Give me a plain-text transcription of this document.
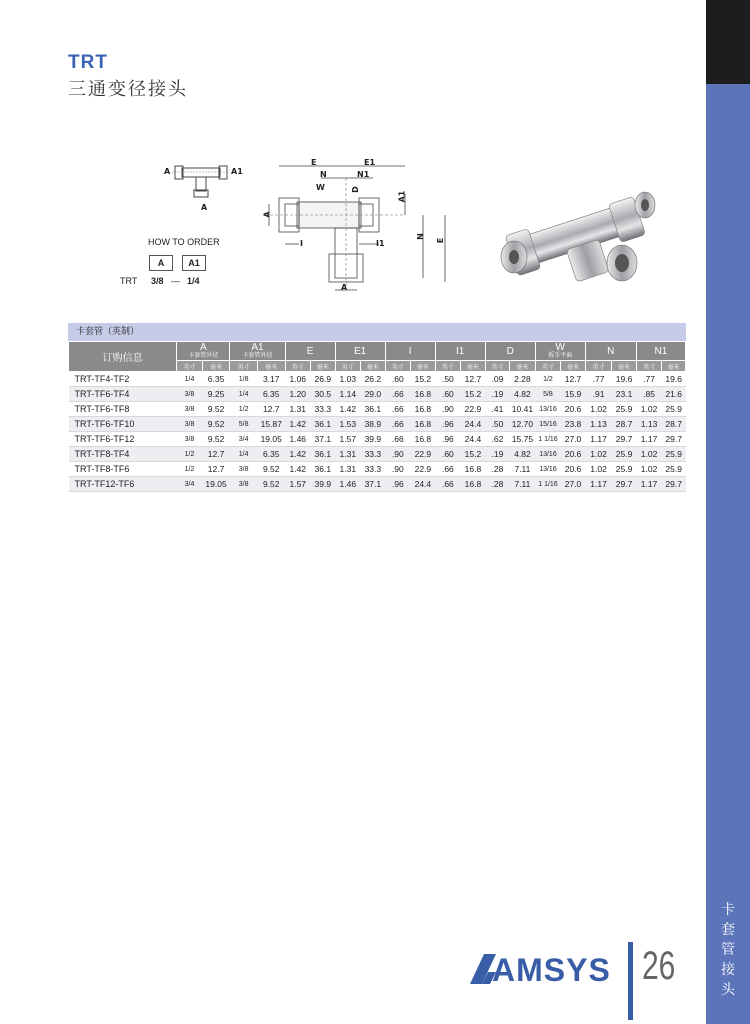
卡
套
管
接
头
TRT
三通变径接头
A	A1
A
HOW TO ORDER
A	A1
TRT 3/8 — 1/4
E	E1
N	N1
W	D
A1
A
I	I1
N
E
A
卡套管（英制）
订购信息	A
卡套管外径		A1
卡套管外径		E		E1		I		I1		D		W
扳手平面		N		N1	
	英寸	毫米	英寸	毫米	英寸	毫米	英寸	毫米	英寸	毫米	英寸	毫米	英寸	毫米	英寸	毫米	英寸	毫米	英寸	毫米
TRT-TF4-TF2	1/4	6.35	1/8	3.17	1.06	26.9	1.03	26.2	.60	15.2	.50	12.7	.09	2.28	1/2	12.7	.77	19.6	.77	19.6
TRT-TF6-TF4	3/8	9.25	1/4	6.35	1.20	30.5	1.14	29.0	.66	16.8	.60	15.2	.19	4.82	5/8	15.9	.91	23.1	.85	21.6
TRT-TF6-TF8	3/8	9.52	1/2	12.7	1.31	33.3	1.42	36.1	.66	16.8	.90	22.9	.41	10.41	13/16	20.6	1.02	25.9	1.02	25.9
TRT-TF6-TF10	3/8	9.52	5/8	15.87	1.42	36.1	1.53	38.9	.66	16.8	.96	24.4	.50	12.70	15/16	23.8	1.13	28.7	1.13	28.7
TRT-TF6-TF12	3/8	9.52	3/4	19.05	1.46	37.1	1.57	39.9	.66	16.8	.96	24.4	.62	15.75	1 1/16	27.0	1.17	29.7	1.17	29.7
TRT-TF8-TF4	1/2	12.7	1/4	6.35	1.42	36.1	1.31	33.3	.90	22.9	.60	15.2	.19	4.82	13/16	20.6	1.02	25.9	1.02	25.9
TRT-TF8-TF6	1/2	12.7	3/8	9.52	1.42	36.1	1.31	33.3	.90	22.9	.66	16.8	.28	7.11	13/16	20.6	1.02	25.9	1.02	25.9
TRT-TF12-TF6	3/4	19.05	3/8	9.52	1.57	39.9	1.46	37.1	.96	24.4	.66	16.8	.28	7.11	1 1/16	27.0	1.17	29.7	1.17	29.7
AMSYS 26
